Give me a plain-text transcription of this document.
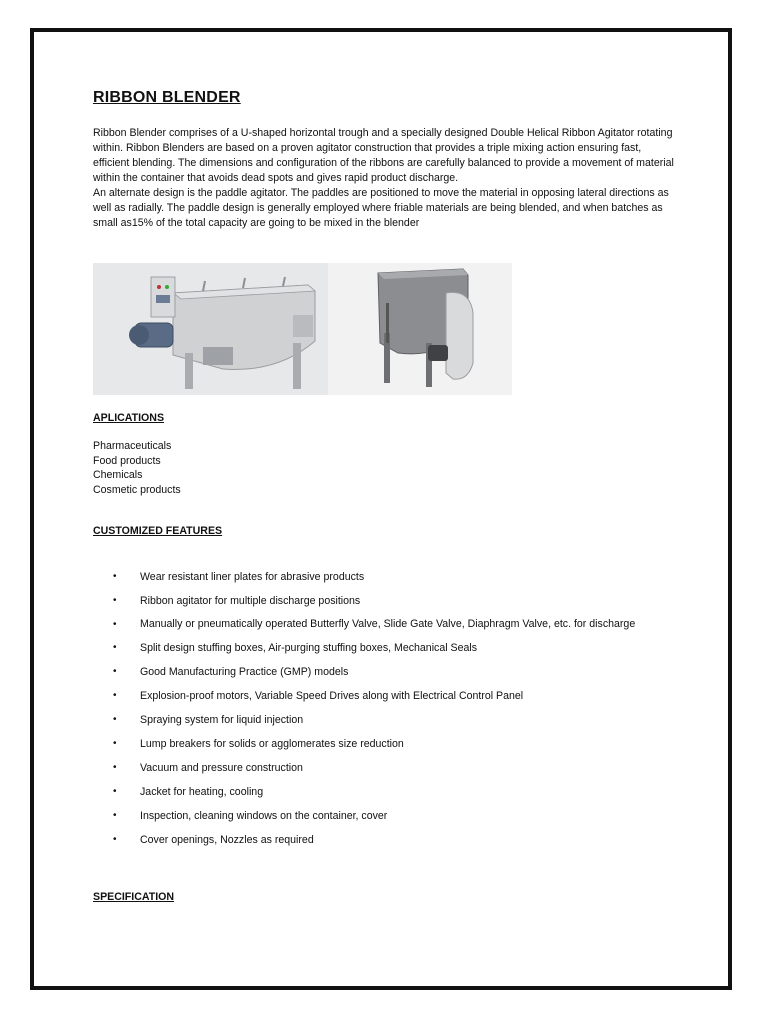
RIBBON BLENDER

Ribbon Blender comprises of a U-shaped horizontal trough and a specially designed Double Helical Ribbon Agitator rotating within. Ribbon Blenders are based on a proven agitator construction that provides a triple mixing action ensuring fast, efficient blending. The dimensions and configuration of the ribbons are carefully balanced to provide a movement of material within the container that avoids dead spots and gives rapid product discharge.

An alternate design is the paddle agitator. The paddles are positioned to move the material in opposing lateral directions as well as radially. The paddle design is generally employed where friable materials are being blended, and when batches as small as15% of the total capacity are going to be mixed in the blender

APLICATIONS
Pharmaceuticals
Food products
Chemicals
Cosmetic products
CUSTOMIZED FEATURES
• Wear resistant liner plates for abrasive products
• Ribbon agitator for multiple discharge positions
• Manually or pneumatically operated Butterfly Valve, Slide Gate Valve, Diaphragm Valve, etc. for discharge
• Split design stuffing boxes, Air-purging stuffing boxes, Mechanical Seals
• Good Manufacturing Practice (GMP) models
• Explosion-proof motors, Variable Speed Drives along with Electrical Control Panel
• Spraying system for liquid injection
• Lump breakers for solids or agglomerates size reduction
• Vacuum and pressure construction
• Jacket for heating, cooling
• Inspection, cleaning windows on the container, cover
• Cover openings, Nozzles as required
SPECIFICATION
